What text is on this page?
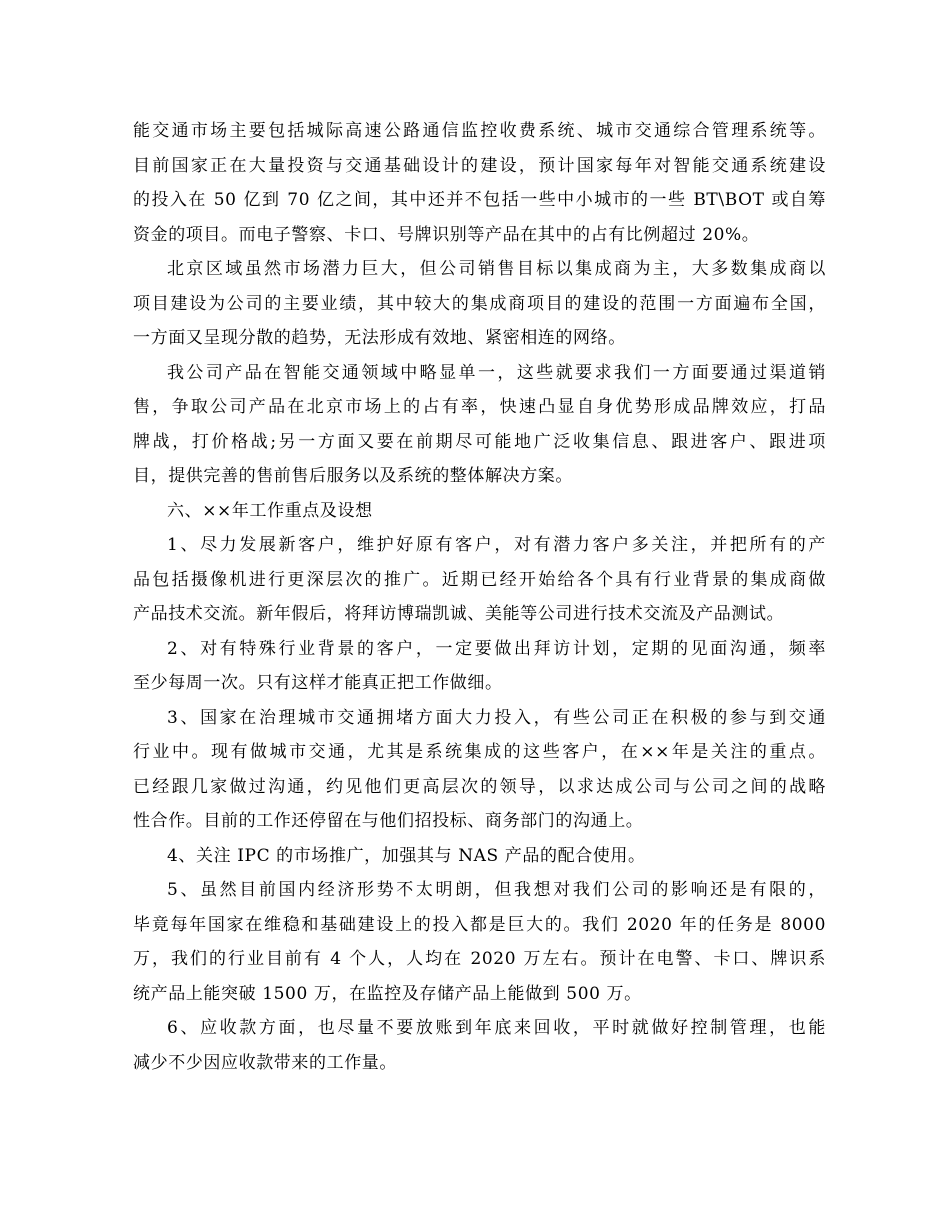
能交通市场主要包括城际高速公路通信监控收费系统、城市交通综合管理系统等。
目前国家正在大量投资与交通基础设计的建设，预计国家每年对智能交通系统建设
的投入在 50 亿到 70 亿之间，其中还并不包括一些中小城市的一些 BT\BOT 或自筹
资金的项目。而电子警察、卡口、号牌识别等产品在其中的占有比例超过 20%。
北京区域虽然市场潜力巨大，但公司销售目标以集成商为主，大多数集成商以
项目建设为公司的主要业绩，其中较大的集成商项目的建设的范围一方面遍布全国，
一方面又呈现分散的趋势，无法形成有效地、紧密相连的网络。
我公司产品在智能交通领域中略显单一，这些就要求我们一方面要通过渠道销
售，争取公司产品在北京市场上的占有率，快速凸显自身优势形成品牌效应，打品
牌战，打价格战;另一方面又要在前期尽可能地广泛收集信息、跟进客户、跟进项
目，提供完善的售前售后服务以及系统的整体解决方案。
六、××年工作重点及设想
1、尽力发展新客户，维护好原有客户，对有潜力客户多关注，并把所有的产
品包括摄像机进行更深层次的推广。近期已经开始给各个具有行业背景的集成商做
产品技术交流。新年假后，将拜访博瑞凯诚、美能等公司进行技术交流及产品测试。
2、对有特殊行业背景的客户，一定要做出拜访计划，定期的见面沟通，频率
至少每周一次。只有这样才能真正把工作做细。
3、国家在治理城市交通拥堵方面大力投入，有些公司正在积极的参与到交通
行业中。现有做城市交通，尤其是系统集成的这些客户，在××年是关注的重点。
已经跟几家做过沟通，约见他们更高层次的领导，以求达成公司与公司之间的战略
性合作。目前的工作还停留在与他们招投标、商务部门的沟通上。
4、关注 IPC 的市场推广，加强其与 NAS 产品的配合使用。
5、虽然目前国内经济形势不太明朗，但我想对我们公司的影响还是有限的，
毕竟每年国家在维稳和基础建设上的投入都是巨大的。我们 2020 年的任务是 8000
万，我们的行业目前有 4 个人，人均在 2020 万左右。预计在电警、卡口、牌识系
统产品上能突破 1500 万，在监控及存储产品上能做到 500 万。
6、应收款方面，也尽量不要放账到年底来回收，平时就做好控制管理，也能
减少不少因应收款带来的工作量。
